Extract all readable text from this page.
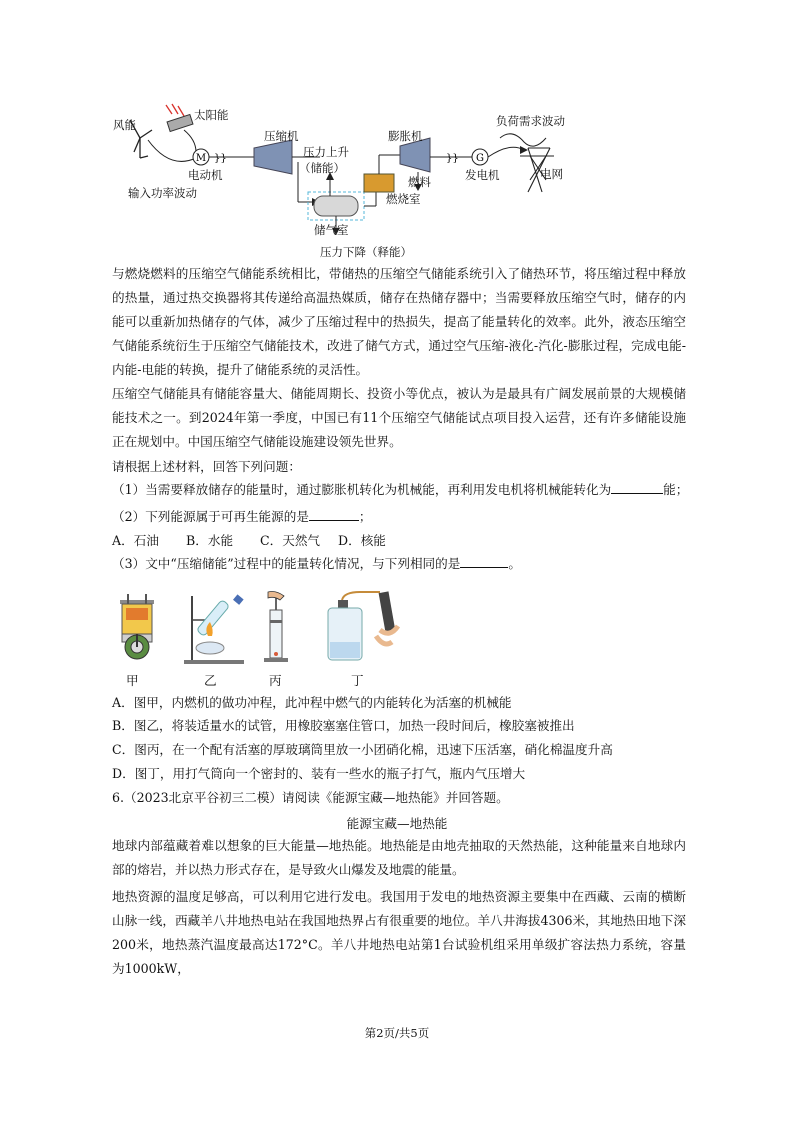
M }}	}} G
风能
太阳能
电动机
输入功率波动
压缩机
压力上升
（储能）
膨胀机
燃料
燃烧室
储气室
压力下降（释能）
发电机
负荷需求波动
电网

与燃烧燃料的压缩空气储能系统相比，带储热的压缩空气储能系统引入了储热环节，将压缩过程中释放的热量，通过热交换器将其传递给高温热媒质，储存在热储存器中；当需要释放压缩空气时，储存的内能可以重新加热储存的气体，减少了压缩过程中的热损失，提高了能量转化的效率。此外，液态压缩空气储能系统衍生于压缩空气储能技术，改进了储气方式，通过空气压缩-液化-汽化-膨胀过程，完成电能-内能-电能的转换，提升了储能系统的灵活性。

压缩空气储能具有储能容量大、储能周期长、投资小等优点，被认为是最具有广阔发展前景的大规模储能技术之一。到2024年第一季度，中国已有11个压缩空气储能试点项目投入运营，还有许多储能设施正在规划中。中国压缩空气储能设施建设领先世界。

请根据上述材料，回答下列问题：
（1）当需要释放储存的能量时，通过膨胀机转化为机械能，再利用发电机将机械能转化为	能；
（2）下列能源属于可再生能源的是	；
A．石油 B．水能 C．天然气 D．核能
（3）文中“压缩储能”过程中的能量转化情况，与下列相同的是	。
甲	乙	丙	丁
A．图甲，内燃机的做功冲程，此冲程中燃气的内能转化为活塞的机械能
B．图乙，将装适量水的试管，用橡胶塞塞住管口，加热一段时间后，橡胶塞被推出
C．图丙，在一个配有活塞的厚玻璃筒里放一小团硝化棉，迅速下压活塞，硝化棉温度升高
D．图丁，用打气筒向一个密封的、装有一些水的瓶子打气，瓶内气压增大
6.（2023北京平谷初三二模）请阅读《能源宝藏—地热能》并回答题。
能源宝藏—地热能

地球内部蕴藏着难以想象的巨大能量—地热能。地热能是由地壳抽取的天然热能，这种能量来自地球内部的熔岩，并以热力形式存在，是导致火山爆发及地震的能量。

地热资源的温度足够高，可以利用它进行发电。我国用于发电的地热资源主要集中在西藏、云南的横断山脉一线，西藏羊八井地热电站在我国地热界占有很重要的地位。羊八井海拔4306米，其地热田地下深200米，地热蒸汽温度最高达172°C。羊八井地热电站第1台试验机组采用单级扩容法热力系统，容量为1000kW，

第2页/共5页
